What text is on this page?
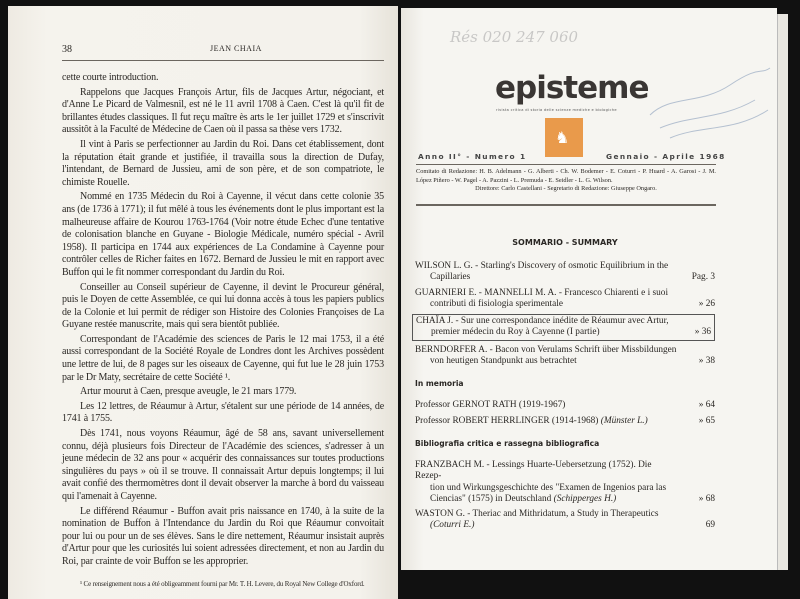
cette courte introduction.

Rappelons que Jacques François Artur, fils de Jacques Artur, négociant, et d'Anne Le Picard de Valmesnil, est né le 11 avril 1708 à Caen. C'est là qu'il fit de brillantes études classiques. Il fut reçu maître ès arts le 1er juillet 1729 et s'inscrivit aussitôt à la Faculté de Médecine de Caen où il passa sa thèse vers 1732.

Il vint à Paris se perfectionner au Jardin du Roi. Dans cet établissement, dont la réputation était grande et justifiée, il travailla sous la direction de Dufay, l'intendant, de Bernard de Jussieu, ami de son père, et de son compatriote, le chimiste Rouelle.

Nommé en 1735 Médecin du Roi à Cayenne, il vécut dans cette colonie 35 ans (de 1736 à 1771); il fut mêlé à tous les événements dont le plus important est la malheureuse affaire de Kourou 1763-1764 (Voir notre étude Echec d'une tentative de colonisation blanche en Guyane - Biologie Médicale, numéro spécial - Avril 1958). Il participa en 1744 aux expériences de La Condamine à Cayenne pour contrôler celles de Richer faites en 1672. Bernard de Jussieu le mit en rapport avec Buffon qui le fit nommer correspondant du Jardin du Roi.

Conseiller au Conseil supérieur de Cayenne, il devint le Procureur général, puis le Doyen de cette Assemblée, ce qui lui donna accès à tous les papiers publics de la Colonie et lui permit de rédiger son Histoire des Colonies Françoises de La Guyane restée manuscrite, mais qui sera bientôt publiée.

Correspondant de l'Académie des sciences de Paris le 12 mai 1753, il a été aussi correspondant de la Société Royale de Londres dont les Archives possèdent une lettre de lui, de 8 pages sur les oiseaux de Cayenne, qui fut lue le 28 juin 1753 par le Dr Maty, secrétaire de cette Société ¹.

Artur mourut à Caen, presque aveugle, le 21 mars 1779.

Les 12 lettres, de Réaumur à Artur, s'étalent sur une période de 14 années, de 1741 à 1755.

Dès 1741, nous voyons Réaumur, âgé de 58 ans, savant universellement connu, déjà plusieurs fois Directeur de l'Académie des sciences, s'adresser à un jeune médecin de 32 ans pour « acquérir des connaissances sur toutes productions singulières du pays » où il se trouve. Il connaissait Artur depuis longtemps; il lui avait confié des thermomètres dont il devait observer la marche à bord du vaisseau qui l'amenait à Cayenne.

Le différend Réaumur - Buffon avait pris naissance en 1740, à la suite de la nomination de Buffon à l'Intendance du Jardin du Roi que Réaumur convoitait pour lui ou pour un de ses élèves. Sans le dire nettement, Réaumur insistait auprès d'Artur pour que les curiosités lui soient adressées directement, et non au Jardin du Roi, par crainte de voir Buffon se les approprier.

¹ Ce renseignement nous a été obligeamment fourni par Mr. T. H. Levere, du Royal New College d'Oxford.
38	JEAN CHAIA
Rés 020 247 060
episteme
rivista critica di storia delle scienze mediche e biologiche
♞
Anno II° - Numero 1	Gennaio - Aprile 1968
Comitato di Redazione: H. B. Adelmann - G. Alberti - Ch. W. Bodemer - E. Coturri - P. Huard - A. Garosi - J. M. López Piñero - W. Pagel - A. Pazzini - L. Premuda - E. Seidler - L. G. Wilson.
Direttore: Carlo Castellani - Segretario di Redazione: Giuseppe Ongaro.
SOMMARIO - SUMMARY
WILSON L. G. - Starling's Discovery of osmotic Equilibrium in the
Capillaries	Pag. 3
GUARNIERI E. - MANNELLI M. A. - Francesco Chiarenti e i suoi
contributi di fisiologia sperimentale	» 26
CHAÏA J. - Sur une correspondance inédite de Réaumur avec Artur,
premier médecin du Roy à Cayenne (I partie)	» 36
BERNDORFER A. - Bacon von Verulams Schrift über Missbildungen
von heutigen Standpunkt aus betrachtet	» 38
In memoria
Professor GERNOT RATH (1919-1967)	» 64
Professor ROBERT HERRLINGER (1914-1968) (Münster L.)	» 65
Bibliografia critica e rassegna bibliografica
FRANZBACH M. - Lessings Huarte-Uebersetzung (1752). Die Rezep-
tion und Wirkungsgeschichte des "Examen de Ingenios para las Ciencias" (1575) in Deutschland (Schipperges H.)	» 68
WASTON G. - Theriac and Mithridatum, a Study in Therapeutics
(Coturri E.)	69
